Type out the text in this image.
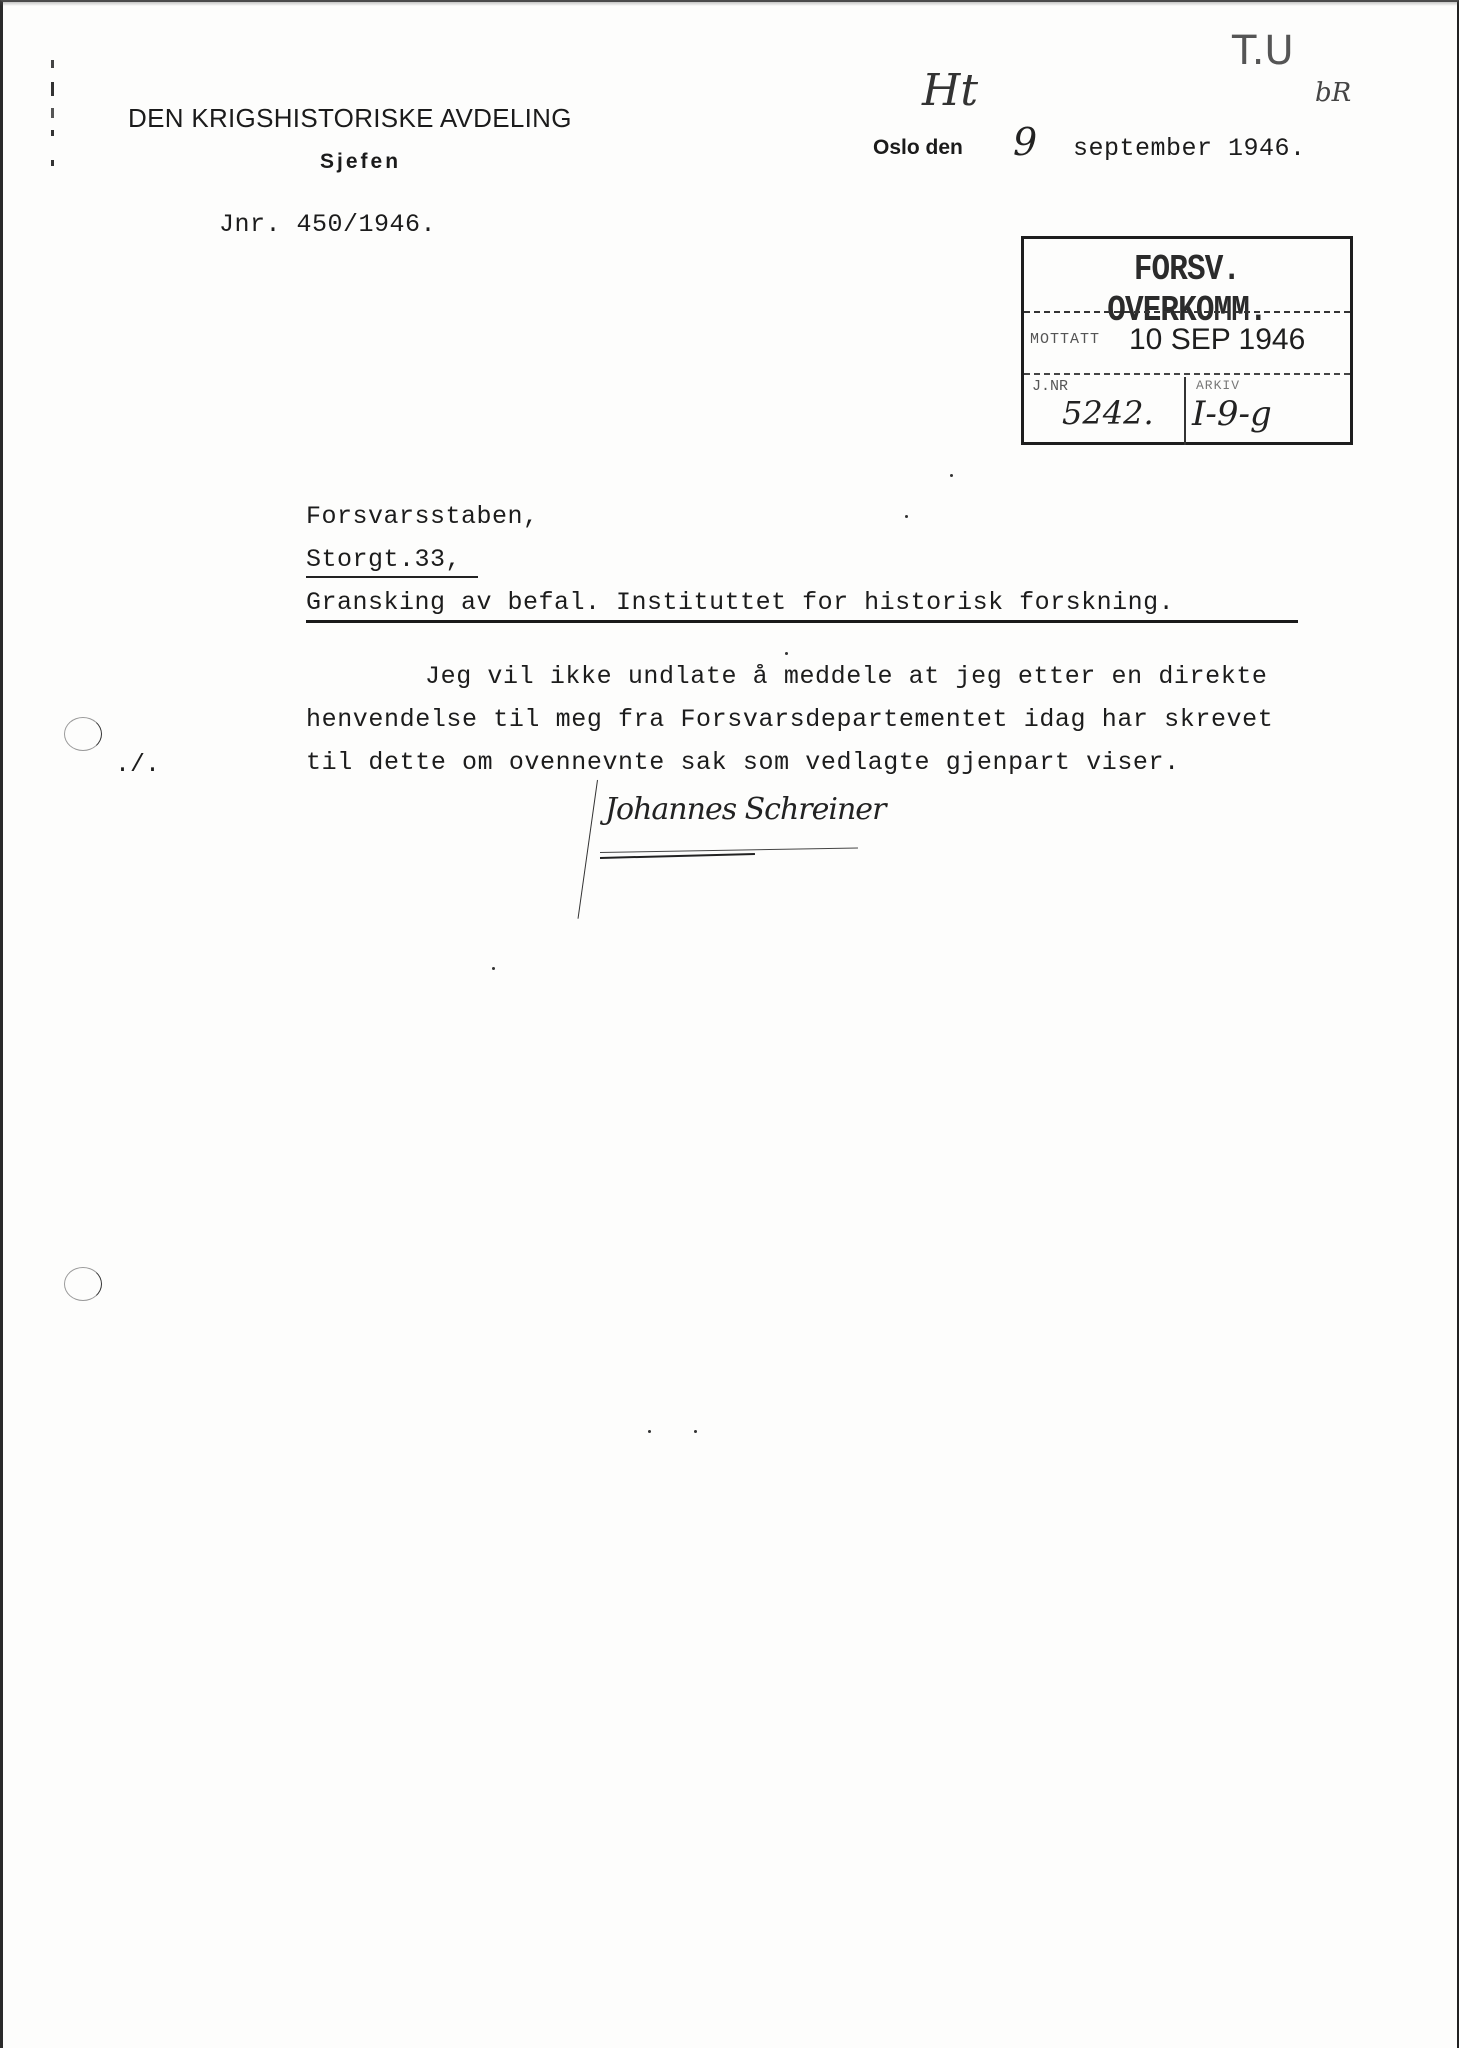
DEN KRIGSHISTORISKE AVDELING
Sjefen
Jnr. 450/1946.
Oslo den 9 september 1946.
T.U
bR
Ht
FORSV. OVERKOMM.
MOTTATT 10 SEP 1946
J.NR
5242.
ARKIV
I-9-g
Forsvarsstaben,
Storgt.33,
Gransking av befal. Instituttet for historisk forskning.
Jeg vil ikke undlate å meddele at jeg etter en direkte
henvendelse til meg fra Forsvarsdepartementet idag har skrevet
til dette om ovennevnte sak som vedlagte gjenpart viser.
./.
Johannes Schreiner
